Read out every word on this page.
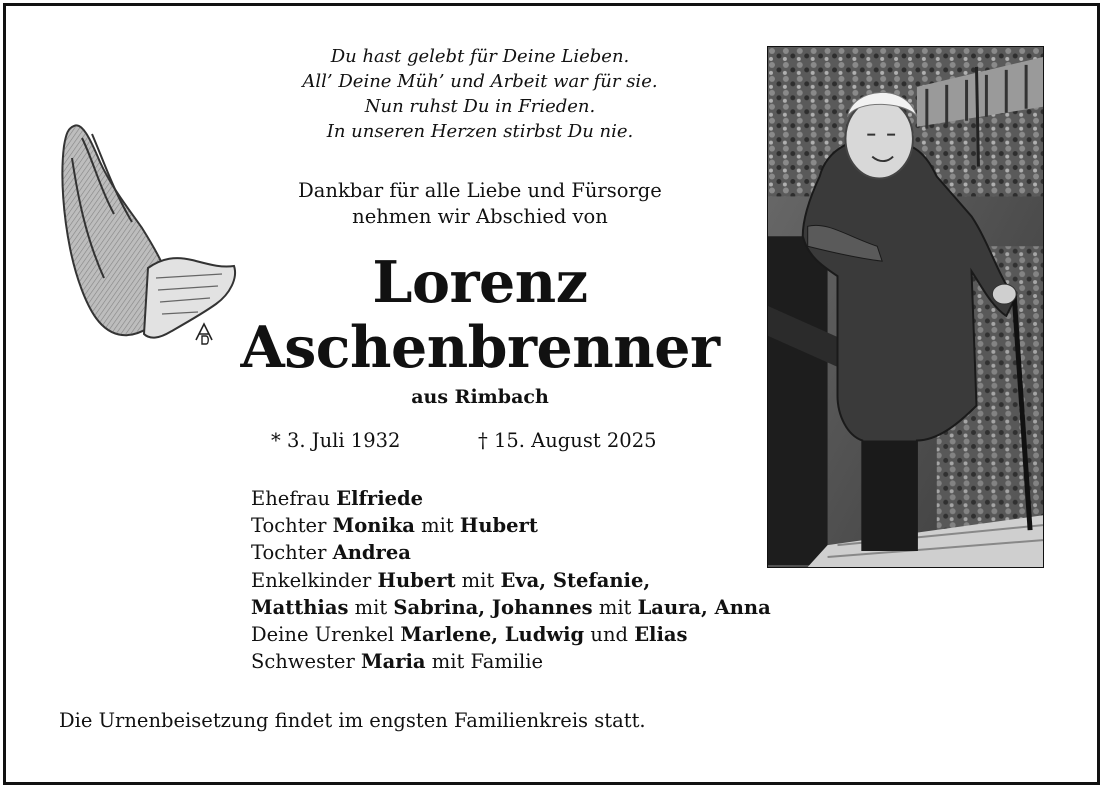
Du hast gelebt für Deine Lieben.
All’ Deine Müh’ und Arbeit war für sie.
Nun ruhst Du in Frieden.
In unseren Herzen stirbst Du nie.
Dankbar für alle Liebe und Fürsorge
nehmen wir Abschied von
Lorenz
Aschenbrenner
aus Rimbach
* 3. Juli 1932	† 15. August 2025
Ehefrau Elfriede
Tochter Monika mit Hubert
Tochter Andrea
Enkelkinder Hubert mit Eva, Stefanie,
Matthias mit Sabrina, Johannes mit Laura, Anna
Deine Urenkel Marlene, Ludwig und Elias
Schwester Maria mit Familie
Die Urnenbeisetzung findet im engsten Familienkreis statt.
